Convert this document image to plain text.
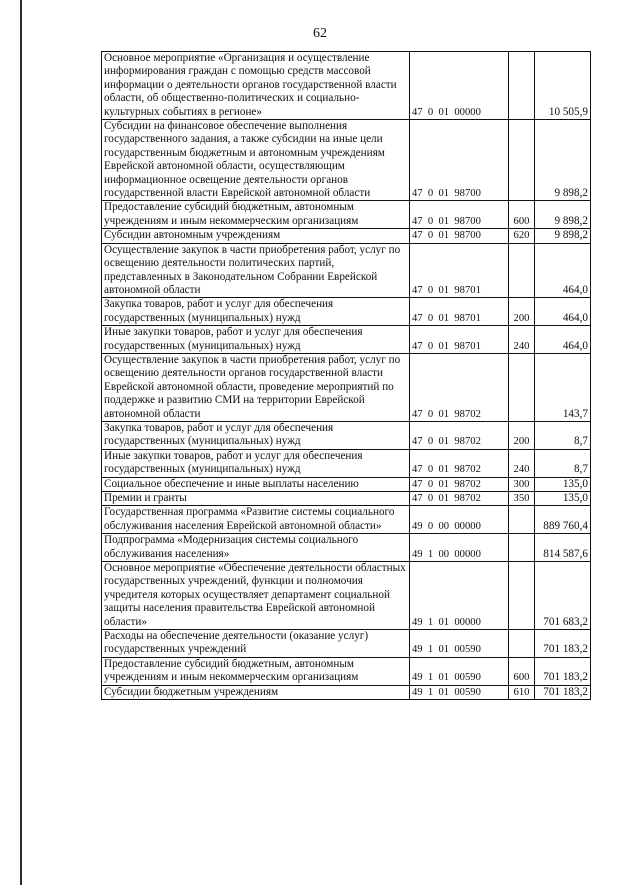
62
Основное мероприятие «Организация и осуществление информирования граждан с помощью средств массовой информации о деятельности органов государственной власти области, об общественно-политических и социально-культурных событиях в регионе»	47  0  01  00000		10 505,9
Субсидии на финансовое обеспечение выполнения государственного задания, а также субсидии на иные цели государственным бюджетным и автономным учреждениям Еврейской автономной области, осуществляющим информационное освещение деятельности органов государственной власти Еврейской автономной области	47  0  01  98700		9 898,2
Предоставление субсидий бюджетным, автономным учреждениям и иным некоммерческим организациям	47  0  01  98700	600	9 898,2
Субсидии автономным учреждениям	47  0  01  98700	620	9 898,2
Осуществление закупок в части приобретения работ, услуг по освещению деятельности политических партий, представленных в Законодательном Собрании Еврейской автономной области	47  0  01  98701		464,0
Закупка товаров, работ и услуг для обеспечения государственных (муниципальных) нужд	47  0  01  98701	200	464,0
Иные закупки товаров, работ и услуг для обеспечения государственных (муниципальных) нужд	47  0  01  98701	240	464,0
Осуществление закупок в части приобретения работ, услуг по освещению деятельности органов государственной власти Еврейской автономной области, проведение мероприятий по поддержке и развитию СМИ на территории Еврейской автономной области	47  0  01  98702		143,7
Закупка товаров, работ и услуг для обеспечения государственных (муниципальных) нужд	47  0  01  98702	200	8,7
Иные закупки товаров, работ и услуг для обеспечения государственных (муниципальных) нужд	47  0  01  98702	240	8,7
Социальное обеспечение и иные выплаты населению	47  0  01  98702	300	135,0
Премии и гранты	47  0  01  98702	350	135,0
Государственная программа «Развитие системы социального обслуживания населения Еврейской автономной области»	49  0  00  00000		889 760,4
Подпрограмма «Модернизация системы социального обслуживания населения»	49  1  00  00000		814 587,6
Основное мероприятие «Обеспечение деятельности областных государственных учреждений, функции и полномочия учредителя которых осуществляет департамент социальной защиты населения правительства Еврейской автономной области»	49  1  01  00000		701 683,2
Расходы на обеспечение деятельности (оказание услуг) государственных учреждений	49  1  01  00590		701 183,2
Предоставление субсидий бюджетным, автономным учреждениям и иным некоммерческим организациям	49  1  01  00590	600	701 183,2
Субсидии бюджетным учреждениям	49  1  01  00590	610	701 183,2
